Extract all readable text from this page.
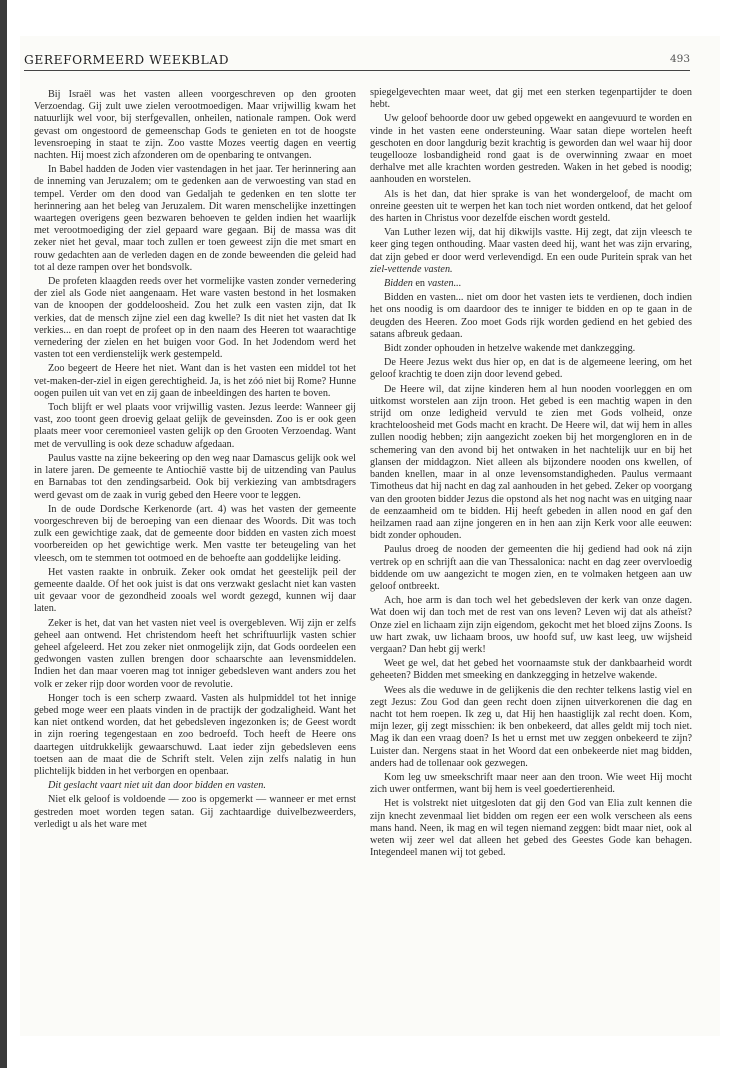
GEREFORMEERD WEEKBLAD	493

Bij Israël was het vasten alleen voorgeschreven op den grooten Verzoendag. Gij zult uwe zielen verootmoedigen. Maar vrijwillig kwam het natuurlijk wel voor, bij sterfgevallen, onheilen, nationale rampen. Ook werd gevast om ongestoord de gemeenschap Gods te genieten en tot de hoogste levensroeping in staat te zijn. Zoo vastte Mozes veertig dagen en veertig nachten. Hij moest zich afzonderen om de openbaring te ontvangen.

In Babel hadden de Joden vier vastendagen in het jaar. Ter herinnering aan de inneming van Jeruzalem; om te gedenken aan de verwoesting van stad en tempel. Verder om den dood van Gedaljah te gedenken en ten slotte ter herinnering aan het beleg van Jeruzalem. Dit waren menschelijke inzettingen waartegen overigens geen bezwaren behoeven te gelden indien het waarlijk met verootmoediging der ziel gepaard ware gegaan. Bij de massa was dit zeker niet het geval, maar toch zullen er toen geweest zijn die met smart en rouw gedachten aan de verleden dagen en de zonde beweenden die geleid had tot al deze rampen over het bondsvolk.

De profeten klaagden reeds over het vormelijke vasten zonder vernedering der ziel als Gode niet aangenaam. Het ware vasten bestond in het losmaken van de knoopen der goddeloosheid. Zou het zulk een vasten zijn, dat Ik verkies, dat de mensch zijne ziel een dag kwelle? Is dit niet het vasten dat Ik verkies... en dan roept de profeet op in den naam des Heeren tot waarachtige vernedering der zielen en het buigen voor God. In het Jodendom werd het vasten tot een verdienstelijk werk gestempeld.

Zoo begeert de Heere het niet. Want dan is het vasten een middel tot het vet-maken-der-ziel in eigen gerechtigheid. Ja, is het zóó niet bij Rome? Hunne oogen puilen uit van vet en zij gaan de inbeeldingen des harten te boven.

Toch blijft er wel plaats voor vrijwillig vasten. Jezus leerde: Wanneer gij vast, zoo toont geen droevig gelaat gelijk de geveinsden. Zoo is er ook geen plaats meer voor ceremonieel vasten gelijk op den Grooten Verzoendag. Want met de vervulling is ook deze schaduw afgedaan.

Paulus vastte na zijne bekeering op den weg naar Damascus gelijk ook wel in latere jaren. De gemeente te Antiochië vastte bij de uitzending van Paulus en Barnabas tot den zendingsarbeid. Ook bij verkiezing van ambtsdragers werd gevast om de zaak in vurig gebed den Heere voor te leggen.

In de oude Dordsche Kerkenorde (art. 4) was het vasten der gemeente voorgeschreven bij de beroeping van een dienaar des Woords. Dit was toch zulk een gewichtige zaak, dat de gemeente door bidden en vasten zich moest voorbereiden op het gewichtige werk. Men vastte ter beteugeling van het vleesch, om te stemmen tot ootmoed en de behoefte aan goddelijke leiding.

Het vasten raakte in onbruik. Zeker ook omdat het geestelijk peil der gemeente daalde. Of het ook juist is dat ons verzwakt geslacht niet kan vasten uit gevaar voor de gezondheid zooals wel wordt gezegd, kunnen wij daar laten.

Zeker is het, dat van het vasten niet veel is overgebleven. Wij zijn er zelfs geheel aan ontwend. Het christendom heeft het schriftuurlijk vasten schier geheel afgeleerd. Het zou zeker niet onmogelijk zijn, dat Gods oordeelen een gedwongen vasten zullen brengen door schaarschte aan levensmiddelen. Indien het dan maar voeren mag tot inniger gebedsleven want anders zou het volk er zeker rijp door worden voor de revolutie.

Honger toch is een scherp zwaard. Vasten als hulpmiddel tot het innige gebed moge weer een plaats vinden in de practijk der godzaligheid. Want het kan niet ontkend worden, dat het gebedsleven ingezonken is; de Geest wordt in zijn roering tegengestaan en zoo bedroefd. Toch heeft de Heere ons daartegen uitdrukkelijk gewaarschuwd. Laat ieder zijn gebedsleven eens toetsen aan de maat die de Schrift stelt. Velen zijn zelfs nalatig in hun plichtelijk bidden in het verborgen en openbaar.

Dit geslacht vaart niet uit dan door bidden en vasten.

Niet elk geloof is voldoende — zoo is opgemerkt — wanneer er met ernst gestreden moet worden tegen satan. Gij zachtaardige duivelbezweerders, verledigt u als het ware met

spiegelgevechten maar weet, dat gij met een sterken tegenpartijder te doen hebt.

Uw geloof behoorde door uw gebed opgewekt en aangevuurd te worden en vinde in het vasten eene ondersteuning. Waar satan diepe wortelen heeft geschoten en door langdurig bezit krachtig is geworden dan wel waar hij door teugellooze losbandigheid rond gaat is de overwinning zwaar en moet derhalve met alle krachten worden gestreden. Waken in het gebed is noodig; aanhouden en worstelen.

Als is het dan, dat hier sprake is van het wondergeloof, de macht om onreine geesten uit te werpen het kan toch niet worden ontkend, dat het geloof des harten in Christus voor dezelfde eischen wordt gesteld.

Van Luther lezen wij, dat hij dikwijls vastte. Hij zegt, dat zijn vleesch te keer ging tegen onthouding. Maar vasten deed hij, want het was zijn ervaring, dat zijn gebed er door werd verlevendigd. En een oude Puritein sprak van het ziel-vettende vasten.

Bidden en vasten...

Bidden en vasten... niet om door het vasten iets te verdienen, doch indien het ons noodig is om daardoor des te inniger te bidden en op te gaan in de deugden des Heeren. Zoo moet Gods rijk worden gediend en het gebied des satans afbreuk gedaan.

Bidt zonder ophouden in hetzelve wakende met dankzegging.

De Heere Jezus wekt dus hier op, en dat is de algemeene leering, om het geloof krachtig te doen zijn door levend gebed.

De Heere wil, dat zijne kinderen hem al hun nooden voorleggen en om uitkomst worstelen aan zijn troon. Het gebed is een machtig wapen in den strijd om onze ledigheid vervuld te zien met Gods volheid, onze krachteloosheid met Gods macht en kracht. De Heere wil, dat wij hem in alles zullen noodig hebben; zijn aangezicht zoeken bij het morgengloren en in de schemering van den avond bij het ontwaken in het nachtelijk uur en bij het glansen der middagzon. Niet alleen als bijzondere nooden ons kwellen, of banden knellen, maar in al onze levensomstandigheden. Paulus vermaant Timotheus dat hij nacht en dag zal aanhouden in het gebed. Zeker op voorgang van den grooten bidder Jezus die opstond als het nog nacht was en uitging naar de eenzaamheid om te bidden. Hij heeft gebeden in allen nood en gaf den heilzamen raad aan zijne jongeren en in hen aan zijn Kerk voor alle eeuwen: bidt zonder ophouden.

Paulus droeg de nooden der gemeenten die hij gediend had ook ná zijn vertrek op en schrijft aan die van Thessalonica: nacht en dag zeer overvloedig biddende om uw aangezicht te mogen zien, en te volmaken hetgeen aan uw geloof ontbreekt.

Ach, hoe arm is dan toch wel het gebedsleven der kerk van onze dagen. Wat doen wij dan toch met de rest van ons leven? Leven wij dat als atheïst? Onze ziel en lichaam zijn zijn eigendom, gekocht met het bloed zijns Zoons. Is uw hart zwak, uw lichaam broos, uw hoofd suf, uw kast leeg, uw wijsheid vergaan? Dan hebt gij werk!

Weet ge wel, dat het gebed het voornaamste stuk der dankbaarheid wordt geheeten? Bidden met smeeking en dankzegging in hetzelve wakende.

Wees als die weduwe in de gelijkenis die den rechter telkens lastig viel en zegt Jezus: Zou God dan geen recht doen zijnen uitverkorenen die dag en nacht tot hem roepen. Ik zeg u, dat Hij hen haastiglijk zal recht doen. Kom, mijn lezer, gij zegt misschien: ik ben onbekeerd, dat alles geldt mij toch niet. Mag ik dan een vraag doen? Is het u ernst met uw zeggen onbekeerd te zijn? Luister dan. Nergens staat in het Woord dat een onbekeerde niet mag bidden, anders had de tollenaar ook gezwegen.

Kom leg uw smeekschrift maar neer aan den troon. Wie weet Hij mocht zich uwer ontfermen, want bij hem is veel goedertierenheid.

Het is volstrekt niet uitgesloten dat gij den God van Elia zult kennen die zijn knecht zevenmaal liet bidden om regen eer een wolk verscheen als eens mans hand. Neen, ik mag en wil tegen niemand zeggen: bidt maar niet, ook al weten wij zeer wel dat alleen het gebed des Geestes Gode kan behagen. Integendeel manen wij tot gebed.
